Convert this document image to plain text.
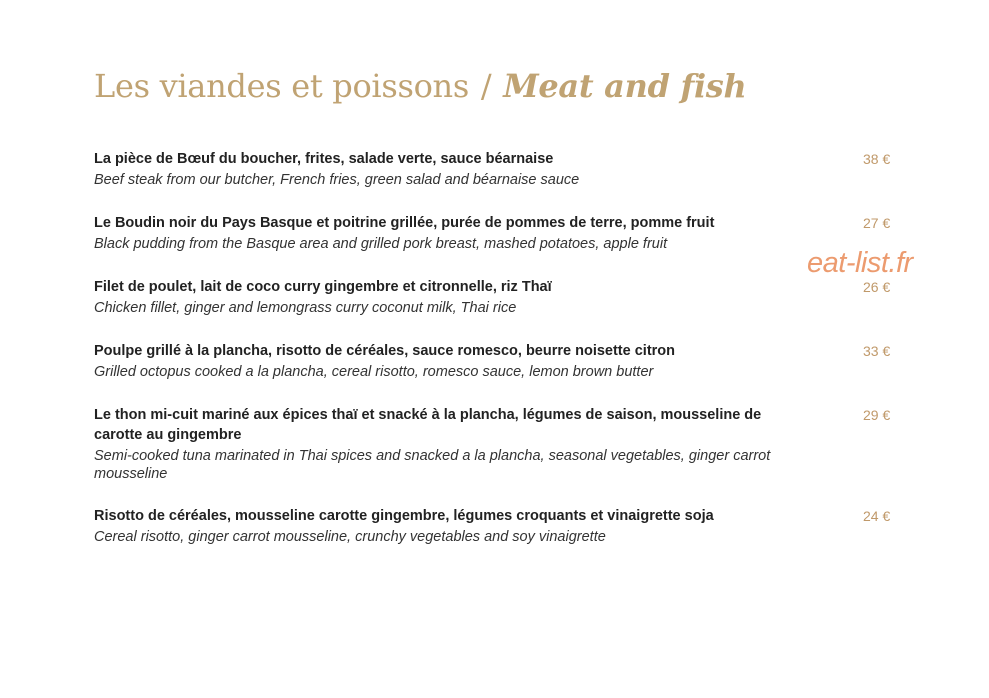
Les viandes et poissons / Meat and fish
La pièce de Bœuf du boucher, frites, salade verte, sauce béarnaise
Beef steak from our butcher, French fries, green salad and béarnaise sauce
38 €
Le Boudin noir du Pays Basque et poitrine grillée, purée de pommes de terre, pomme fruit
Black pudding from the Basque area and grilled pork breast, mashed potatoes, apple fruit
27 €
Filet de poulet, lait de coco curry gingembre et citronnelle, riz Thaï
Chicken fillet, ginger and lemongrass curry coconut milk, Thai rice
26 €
Poulpe grillé à la plancha, risotto de céréales, sauce romesco, beurre noisette citron
Grilled octopus cooked a la plancha, cereal risotto, romesco sauce, lemon brown butter
33 €
Le thon mi-cuit mariné aux épices thaï et snacké à la plancha, légumes de saison, mousseline de carotte au gingembre
Semi-cooked tuna marinated in Thai spices and snacked a la plancha, seasonal vegetables, ginger carrot mousseline
29 €
Risotto de céréales, mousseline carotte gingembre, légumes croquants et vinaigrette soja
Cereal risotto, ginger carrot mousseline, crunchy vegetables and soy vinaigrette
24 €
eat-list.fr
